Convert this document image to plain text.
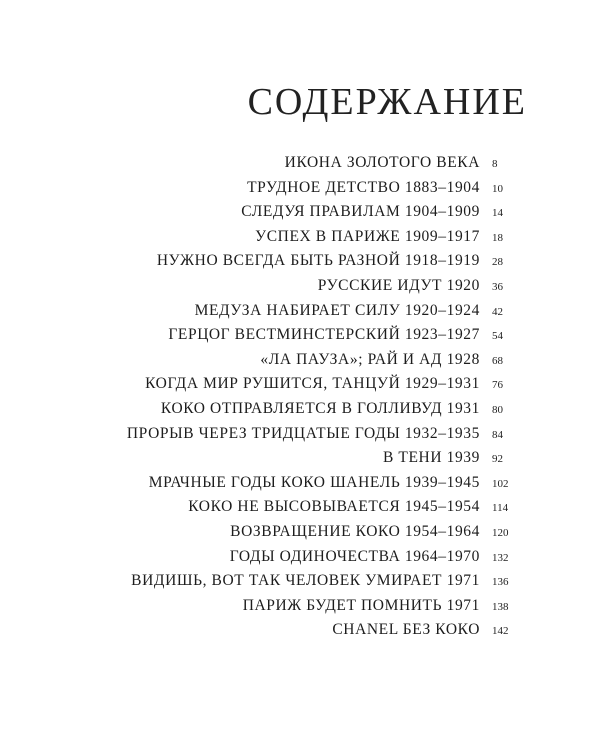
СОДЕРЖАНИЕ
ИКОНА ЗОЛОТОГО ВЕКА	8
ТРУДНОЕ ДЕТСТВО 1883–1904	10
СЛЕДУЯ ПРАВИЛАМ 1904–1909	14
УСПЕХ В ПАРИЖЕ 1909–1917	18
НУЖНО ВСЕГДА БЫТЬ РАЗНОЙ 1918–1919	28
РУССКИЕ ИДУТ 1920	36
МЕДУЗА НАБИРАЕТ СИЛУ 1920–1924	42
ГЕРЦОГ ВЕСТМИНСТЕРСКИЙ 1923–1927	54
«ЛА ПАУЗА»; РАЙ И АД 1928	68
КОГДА МИР РУШИТСЯ, ТАНЦУЙ 1929–1931	76
КОКО ОТПРАВЛЯЕТСЯ В ГОЛЛИВУД 1931	80
ПРОРЫВ ЧЕРЕЗ ТРИДЦАТЫЕ ГОДЫ 1932–1935	84
В ТЕНИ 1939	92
МРАЧНЫЕ ГОДЫ КОКО ШАНЕЛЬ 1939–1945	102
КОКО НЕ ВЫСОВЫВАЕТСЯ 1945–1954	114
ВОЗВРАЩЕНИЕ КОКО 1954–1964	120
ГОДЫ ОДИНОЧЕСТВА 1964–1970	132
ВИДИШЬ, ВОТ ТАК ЧЕЛОВЕК УМИРАЕТ 1971	136
ПАРИЖ БУДЕТ ПОМНИТЬ 1971	138
CHANEL БЕЗ КОКО	142
